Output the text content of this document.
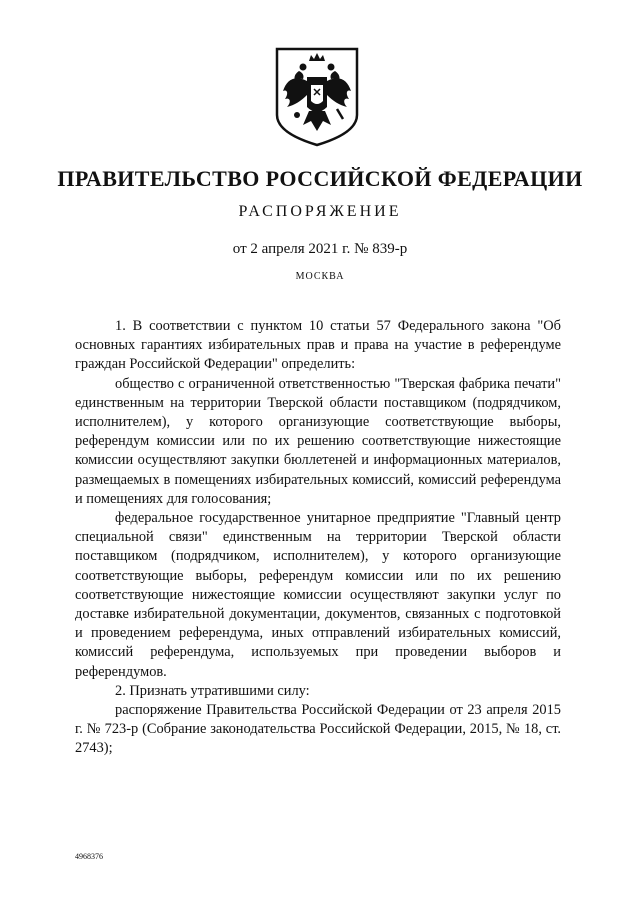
ПРАВИТЕЛЬСТВО РОССИЙСКОЙ ФЕДЕРАЦИИ
РАСПОРЯЖЕНИЕ
от 2 апреля 2021 г. № 839-р
МОСКВА

1. В соответствии с пунктом 10 статьи 57 Федерального закона "Об основных гарантиях избирательных прав и права на участие в референдуме граждан Российской Федерации" определить:

общество с ограниченной ответственностью "Тверская фабрика печати" единственным на территории Тверской области поставщиком (подрядчиком, исполнителем), у которого организующие соответствующие выборы, референдум комиссии или по их решению соответствующие нижестоящие комиссии осуществляют закупки бюллетеней и информационных материалов, размещаемых в помещениях избирательных комиссий, комиссий референдума и помещениях для голосования;

федеральное государственное унитарное предприятие "Главный центр специальной связи" единственным на территории Тверской области поставщиком (подрядчиком, исполнителем), у которого организующие соответствующие выборы, референдум комиссии или по их решению соответствующие нижестоящие комиссии осуществляют закупки услуг по доставке избирательной документации, документов, связанных с подготовкой и проведением референдума, иных отправлений избирательных комиссий, комиссий референдума, используемых при проведении выборов и референдумов.

2. Признать утратившими силу:

распоряжение Правительства Российской Федерации от 23 апреля 2015 г. № 723-р (Собрание законодательства Российской Федерации, 2015, № 18, ст. 2743);

4968376
